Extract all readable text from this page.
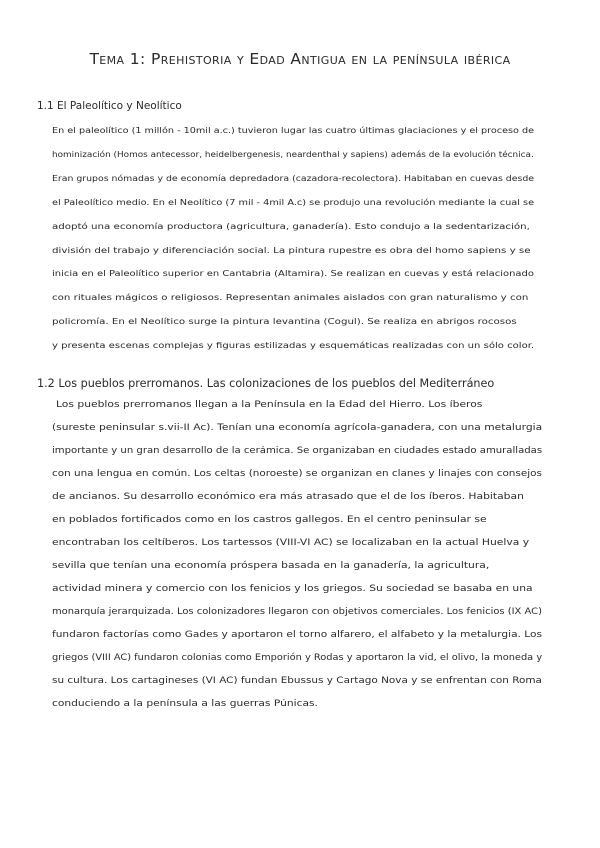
Tema 1: Prehistoria y Edad Antigua en la península ibérica
1.1 El Paleolítico y Neolítico

En el paleolítico (1 millón - 10mil a.c.) tuvieron lugar las cuatro últimas glaciaciones y el proceso de

hominización (Homos antecessor, heidelbergenesis, neardenthal y sapiens) además de la evolución técnica.

Eran grupos nómadas y de economía depredadora (cazadora-recolectora). Habitaban en cuevas desde

el Paleolítico medio. En el Neolítico (7 mil - 4mil A.c) se produjo una revolución mediante la cual se

adoptó una economía productora (agricultura, ganadería). Esto condujo a la sedentarización,

división del trabajo y diferenciación social. La pintura rupestre es obra del homo sapiens y se

inicia en el Paleolítico superior en Cantabria (Altamira). Se realizan en cuevas y está relacionado

con rituales mágicos o religiosos. Representan animales aislados con gran naturalismo y con

policromía. En el Neolítico surge la pintura levantina (Cogul). Se realiza en abrigos rocosos

y presenta escenas complejas y figuras estilizadas y esquemáticas realizadas con un sólo color.

1.2 Los pueblos prerromanos. Las colonizaciones de los pueblos del Mediterráneo

Los pueblos prerromanos llegan a la Península en la Edad del Hierro. Los íberos

(sureste peninsular s.vii-II Ac). Tenían una economía agrícola-ganadera, con una metalurgia

importante y un gran desarrollo de la cerámica. Se organizaban en ciudades estado amuralladas

con una lengua en común. Los celtas (noroeste) se organizan en clanes y linajes con consejos

de ancianos. Su desarrollo económico era más atrasado que el de los íberos. Habitaban

en poblados fortificados como en los castros gallegos. En el centro peninsular se

encontraban los celtíberos. Los tartessos (VIII-VI AC) se localizaban en la actual Huelva y

sevilla que tenían una economía próspera basada en la ganadería, la agricultura,

actividad minera y comercio con los fenicios y los griegos. Su sociedad se basaba en una

monarquía jerarquizada. Los colonizadores llegaron con objetivos comerciales. Los fenicios (IX AC)

fundaron factorías como Gades y aportaron el torno alfarero, el alfabeto y la metalurgia. Los

griegos (VIII AC) fundaron colonias como Emporión y Rodas y aportaron la vid, el olivo, la moneda y

su cultura. Los cartagineses (VI AC) fundan Ebussus y Cartago Nova y se enfrentan con Roma

conduciendo a la península a las guerras Púnicas.
